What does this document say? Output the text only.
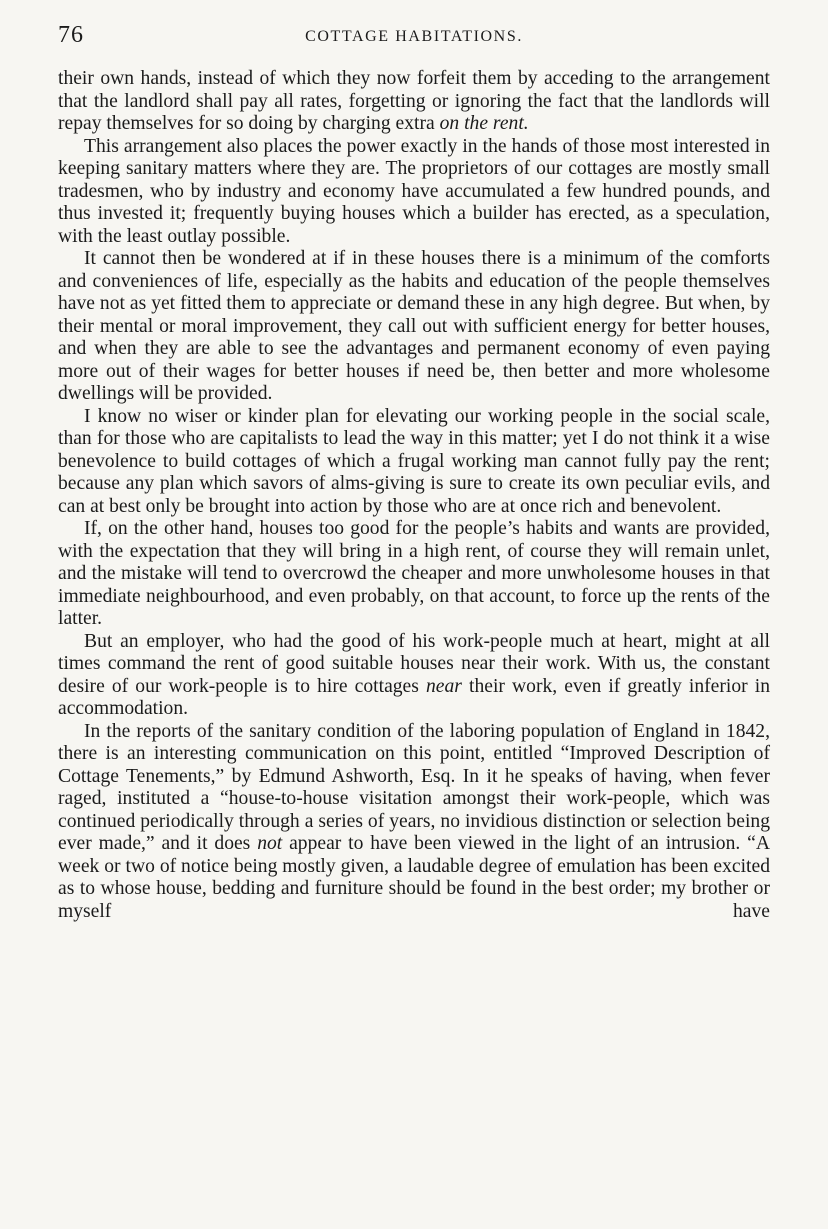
76	COTTAGE HABITATIONS.

their own hands, instead of which they now forfeit them by acceding to the arrangement that the landlord shall pay all rates, forgetting or ignoring the fact that the landlords will repay themselves for so doing by charging extra on the rent.

This arrangement also places the power exactly in the hands of those most interested in keeping sanitary matters where they are. The proprietors of our cottages are mostly small tradesmen, who by industry and economy have accumulated a few hundred pounds, and thus invested it; frequently buying houses which a builder has erected, as a speculation, with the least outlay possible.

It cannot then be wondered at if in these houses there is a minimum of the comforts and conveniences of life, especially as the habits and education of the people themselves have not as yet fitted them to appreciate or demand these in any high degree. But when, by their mental or moral improvement, they call out with sufficient energy for better houses, and when they are able to see the advantages and permanent economy of even paying more out of their wages for better houses if need be, then better and more wholesome dwellings will be provided.

I know no wiser or kinder plan for elevating our working people in the social scale, than for those who are capitalists to lead the way in this matter; yet I do not think it a wise benevolence to build cottages of which a frugal working man cannot fully pay the rent; because any plan which savors of alms-giving is sure to create its own peculiar evils, and can at best only be brought into action by those who are at once rich and benevolent.

If, on the other hand, houses too good for the people’s habits and wants are provided, with the expectation that they will bring in a high rent, of course they will remain unlet, and the mistake will tend to overcrowd the cheaper and more unwholesome houses in that immediate neighbourhood, and even probably, on that account, to force up the rents of the latter.

But an employer, who had the good of his work-people much at heart, might at all times command the rent of good suitable houses near their work. With us, the constant desire of our work-people is to hire cottages near their work, even if greatly inferior in accommodation.

In the reports of the sanitary condition of the laboring population of England in 1842, there is an interesting communication on this point, entitled “Improved Description of Cottage Tenements,” by Edmund Ashworth, Esq. In it he speaks of having, when fever raged, instituted a “house-to-house visitation amongst their work-people, which was continued periodically through a series of years, no invidious distinction or selection being ever made,” and it does not appear to have been viewed in the light of an intrusion. “A week or two of notice being mostly given, a laudable degree of emulation has been excited as to whose house, bedding and furniture should be found in the best order; my brother or myself have
